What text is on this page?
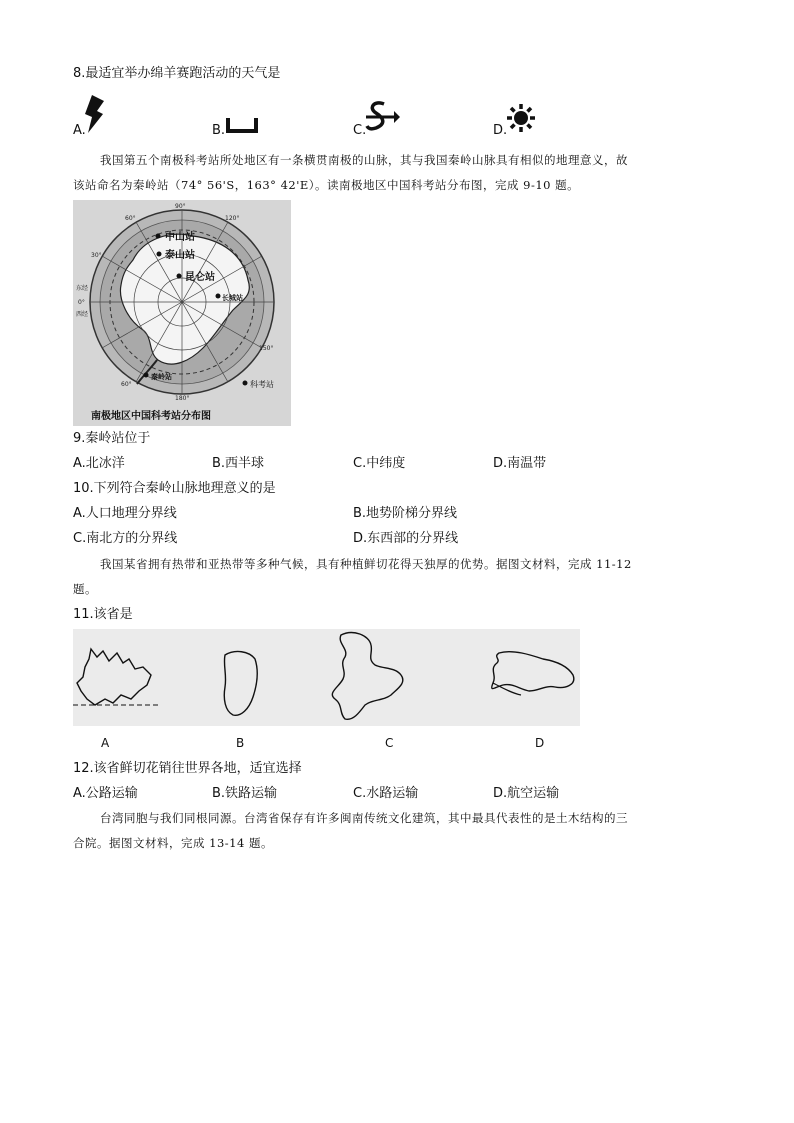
8.最适宜举办绵羊赛跑活动的天气是
A.	B.	C.	D.
我国第五个南极科考站所处地区有一条横贯南极的山脉，其与我国秦岭山脉具有相似的地理意义，故
该站命名为秦岭站（74° 56'S，163° 42'E）。读南极地区中国科考站分布图，完成 9-10 题。
中山站
泰山站
昆仑站
长城站
秦岭站
科考站
90°
60°	120°
30°
150°
东经
0°
西经
180°
60°
南极地区中国科考站分布图
9.秦岭站位于
A.北冰洋	B.西半球	C.中纬度	D.南温带
10.下列符合秦岭山脉地理意义的是
A.人口地理分界线	B.地势阶梯分界线
C.南北方的分界线	D.东西部的分界线
我国某省拥有热带和亚热带等多种气候，具有种植鲜切花得天独厚的优势。据图文材料，完成 11-12
题。
11.该省是
A	B	C	D
12.该省鲜切花销往世界各地，适宜选择
A.公路运输	B.铁路运输	C.水路运输	D.航空运输
台湾同胞与我们同根同源。台湾省保存有许多闽南传统文化建筑，其中最具代表性的是土木结构的三
合院。据图文材料，完成 13-14 题。
